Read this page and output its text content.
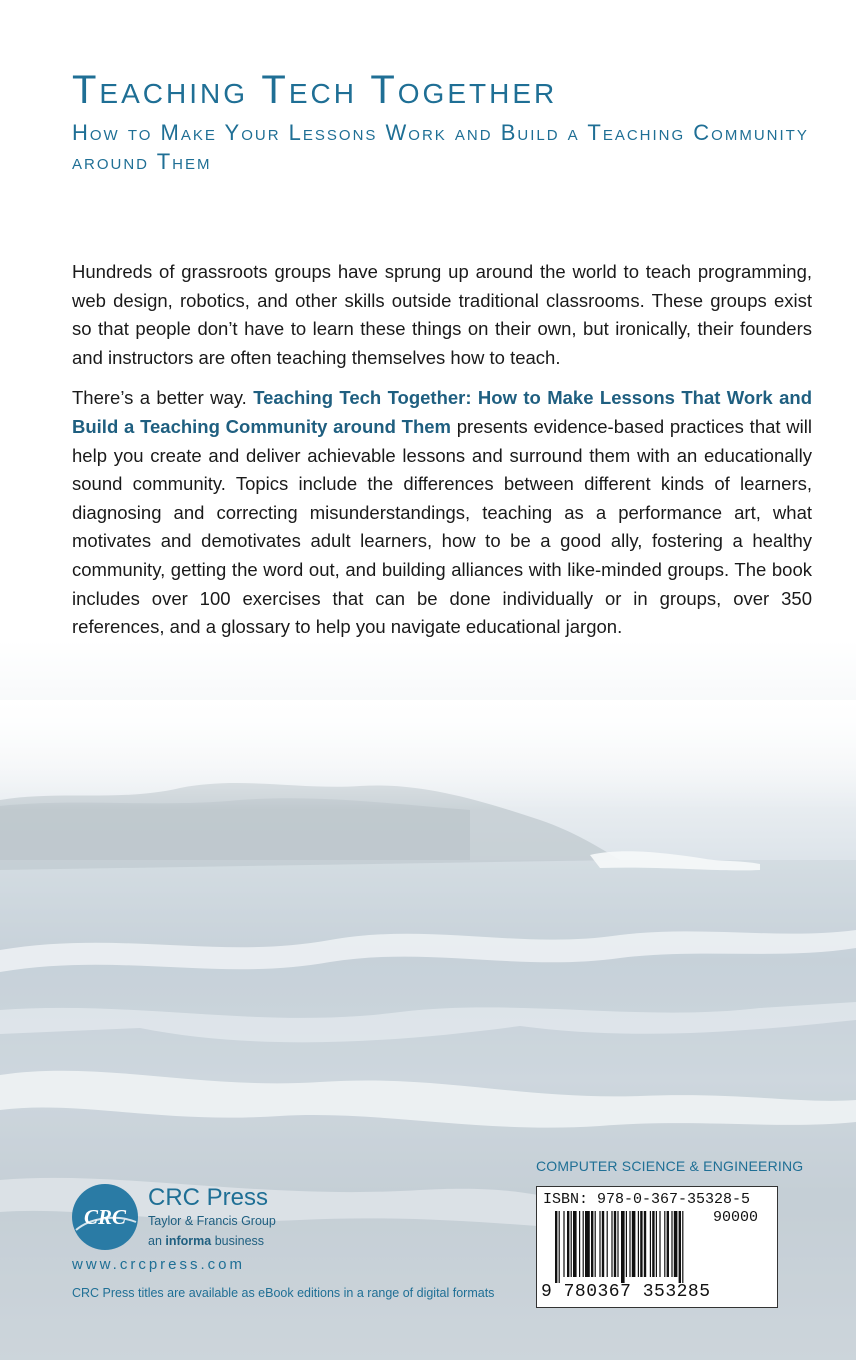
Teaching Tech Together
How to Make Your Lessons Work and Build a Teaching Community around Them

Hundreds of grassroots groups have sprung up around the world to teach programming, web design, robotics, and other skills outside traditional classrooms. These groups exist so that people don’t have to learn these things on their own, but ironically, their founders and instructors are often teaching themselves how to teach.

There’s a better way. Teaching Tech Together: How to Make Lessons That Work and Build a Teaching Community around Them presents evidence-based practices that will help you create and deliver achievable lessons and surround them with an educationally sound community. Topics include the differences between different kinds of learners, diagnosing and correcting misunderstandings, teaching as a performance art, what motivates and demotivates adult learners, how to be a good ally, fostering a healthy community, getting the word out, and building alliances with like-minded groups. The book includes over 100 exercises that can be done individually or in groups, over 350 references, and a glossary to help you navigate educational jargon.

COMPUTER SCIENCE & ENGINEERING
ISBN: 978-0-367-35328-5
90000
9 780367 353285
CRC
CRC Press
Taylor & Francis Group
an informa business
www.crcpress.com
CRC Press titles are available as eBook editions in a range of digital formats
